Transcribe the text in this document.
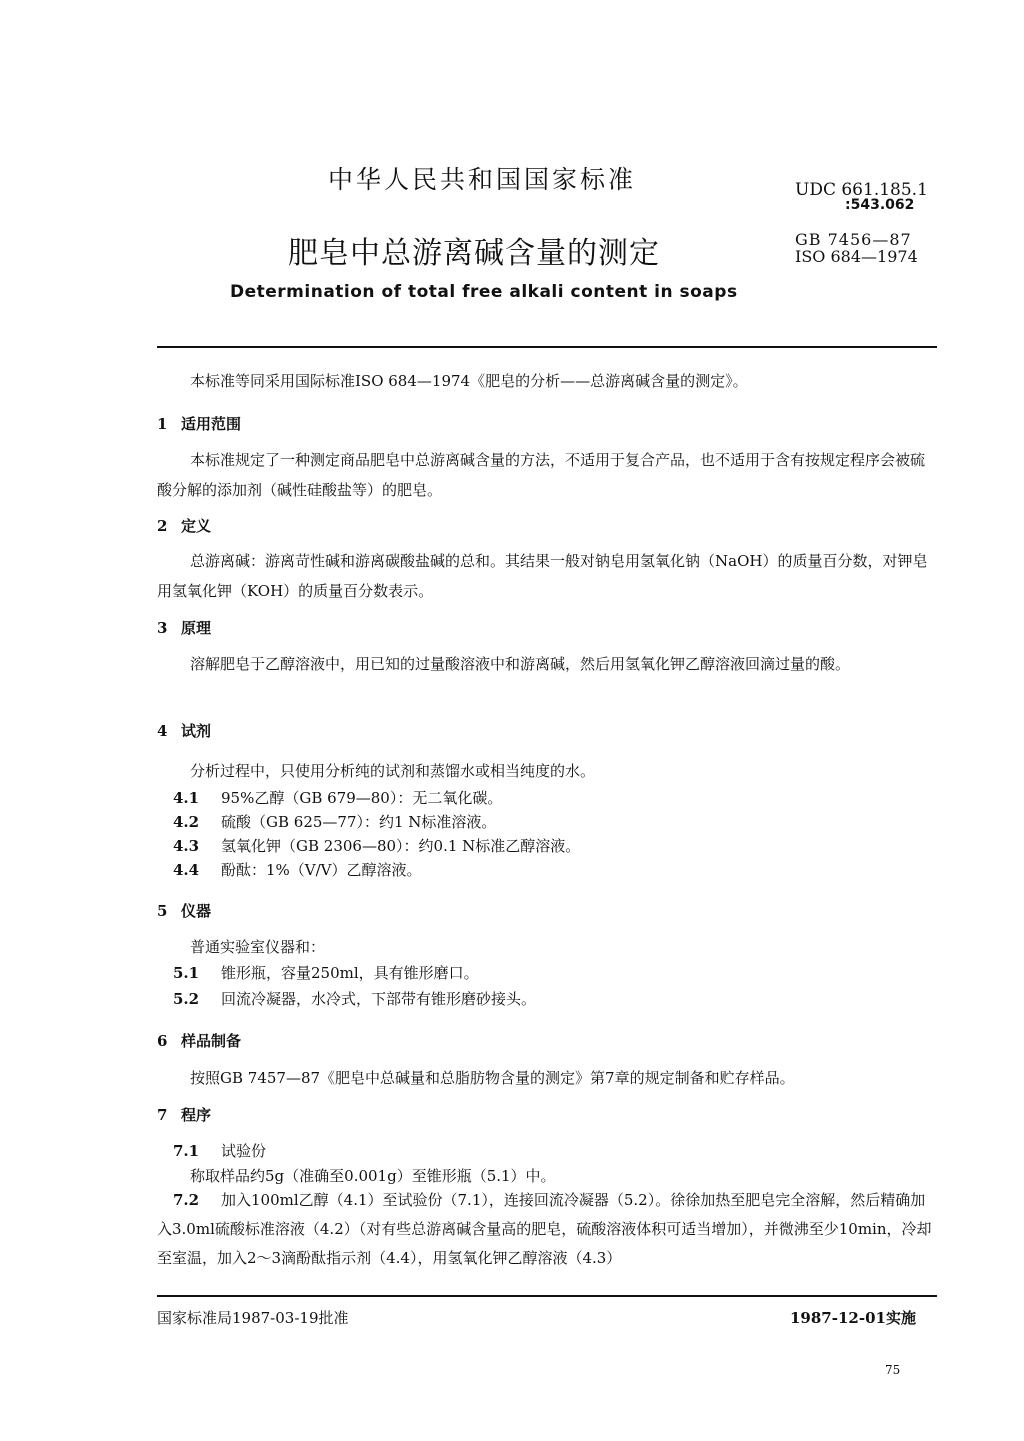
中华人民共和国国家标准
肥皂中总游离碱含量的测定
Determination of total free alkali content in soaps
UDC 661.185.1
:543.062
GB 7456—87
ISO 684—1974
本标准等同采用国际标准ISO 684—1974《肥皂的分析——总游离碱含量的测定》。
1 适用范围
本标准规定了一种测定商品肥皂中总游离碱含量的方法，不适用于复合产品，也不适用于含有按规定程序会被硫酸分解的添加剂（碱性硅酸盐等）的肥皂。
2 定义
总游离碱：游离苛性碱和游离碳酸盐碱的总和。其结果一般对钠皂用氢氧化钠（NaOH）的质量百分数，对钾皂用氢氧化钾（KOH）的质量百分数表示。
3 原理
溶解肥皂于乙醇溶液中，用已知的过量酸溶液中和游离碱，然后用氢氧化钾乙醇溶液回滴过量的酸。
4 试剂
分析过程中，只使用分析纯的试剂和蒸馏水或相当纯度的水。
4.1 95%乙醇（GB 679—80）：无二氧化碳。
4.2 硫酸（GB 625—77）：约1 N标准溶液。
4.3 氢氧化钾（GB 2306—80）：约0.1 N标准乙醇溶液。
4.4 酚酞：1%（V/V）乙醇溶液。
5 仪器
普通实验室仪器和：
5.1 锥形瓶，容量250ml，具有锥形磨口。
5.2 回流冷凝器，水冷式，下部带有锥形磨砂接头。
6 样品制备
按照GB 7457—87《肥皂中总碱量和总脂肪物含量的测定》第7章的规定制备和贮存样品。
7 程序
7.1 试验份
称取样品约5g（准确至0.001g）至锥形瓶（5.1）中。
7.2 加入100ml乙醇（4.1）至试验份（7.1），连接回流冷凝器（5.2）。徐徐加热至肥皂完全溶解，然后精确加入3.0ml硫酸标准溶液（4.2）（对有些总游离碱含量高的肥皂，硫酸溶液体积可适当增加），并微沸至少10min，冷却至室温，加入2～3滴酚酞指示剂（4.4），用氢氧化钾乙醇溶液（4.3）
国家标准局1987-03-19批准	1987-12-01实施
75
